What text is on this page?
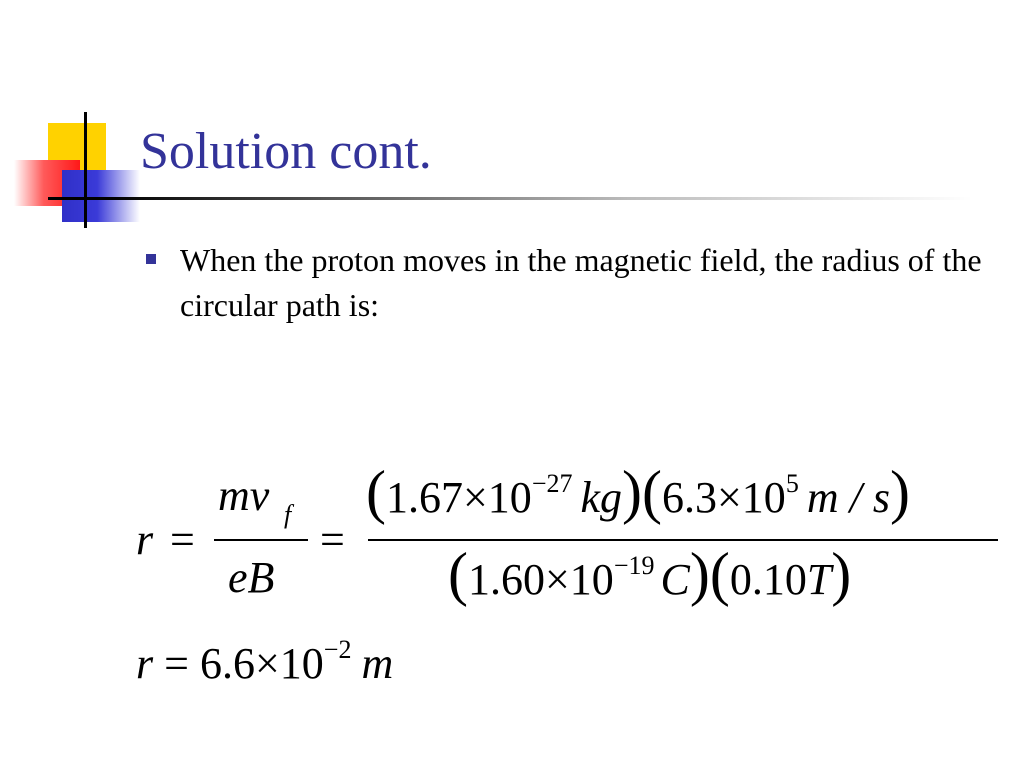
Solution cont.
When the proton moves in the magnetic field, the radius of the circular path is:
r =
mv f
eB
=
($1.67\times 10^{-27}$ $kg)(6.3\times 10^5$ m / s)
($1.60\times 10^{-19}$ C)(0.10T)
$r = 6.6\times 10^{-2}$ m
